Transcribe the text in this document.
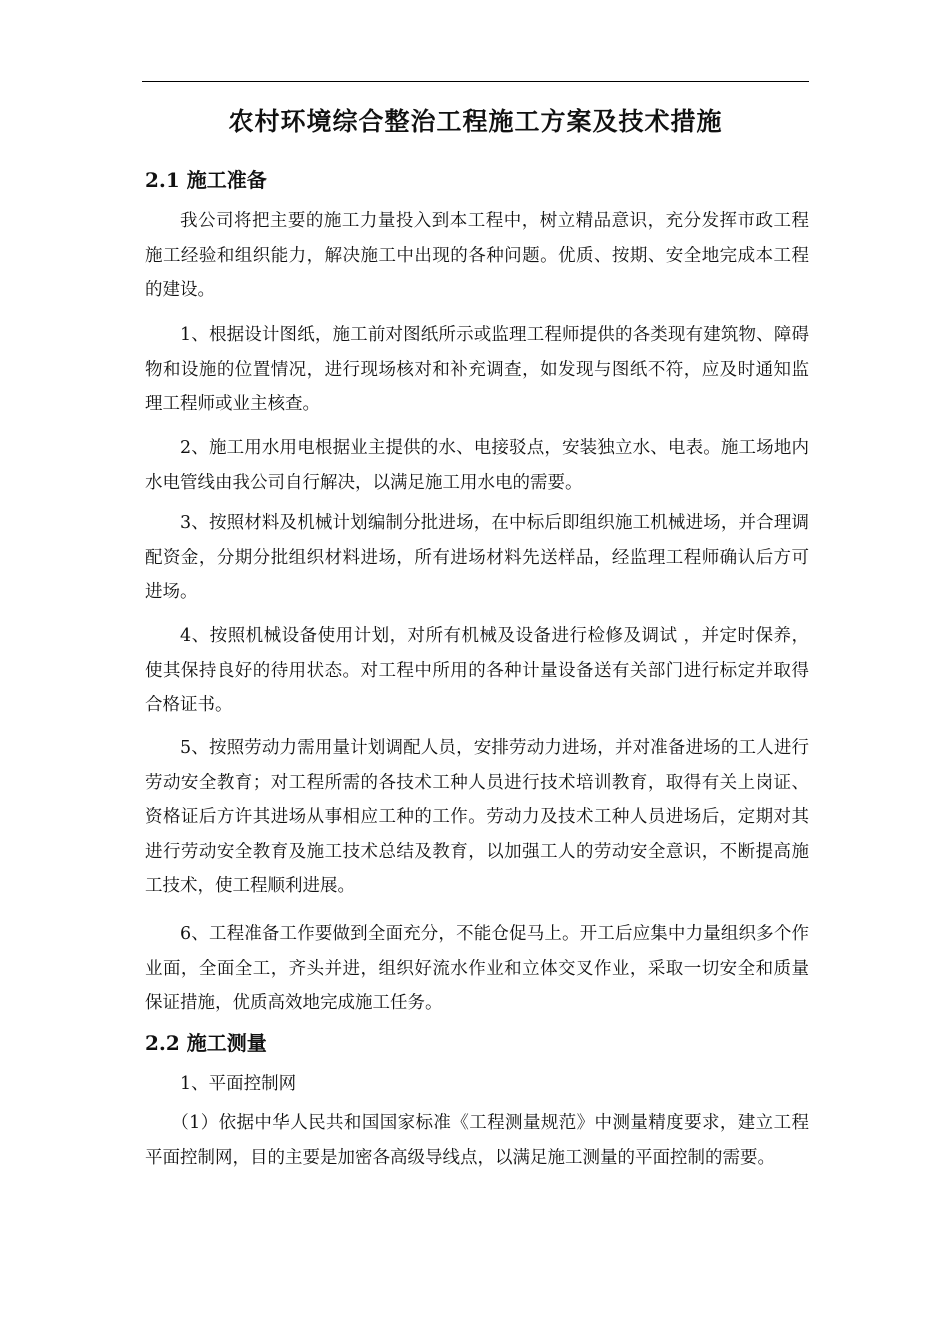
农村环境综合整治工程施工方案及技术措施
2.1 施工准备
我公司将把主要的施工力量投入到本工程中，树立精品意识，充分发挥市政工程施工经验和组织能力，解决施工中出现的各种问题。优质、按期、安全地完成本工程的建设。
1、根据设计图纸，施工前对图纸所示或监理工程师提供的各类现有建筑物、障碍物和设施的位置情况，进行现场核对和补充调查，如发现与图纸不符，应及时通知监理工程师或业主核查。
2、施工用水用电根据业主提供的水、电接驳点，安装独立水、电表。施工场地内水电管线由我公司自行解决，以满足施工用水电的需要。
3、按照材料及机械计划编制分批进场，在中标后即组织施工机械进场，并合理调配资金，分期分批组织材料进场，所有进场材料先送样品，经监理工程师确认后方可进场。
4、按照机械设备使用计划，对所有机械及设备进行检修及调试 ，并定时保养，使其保持良好的待用状态。对工程中所用的各种计量设备送有关部门进行标定并取得合格证书。
5、按照劳动力需用量计划调配人员，安排劳动力进场，并对准备进场的工人进行劳动安全教育；对工程所需的各技术工种人员进行技术培训教育，取得有关上岗证、资格证后方许其进场从事相应工种的工作。劳动力及技术工种人员进场后，定期对其进行劳动安全教育及施工技术总结及教育，以加强工人的劳动安全意识，不断提高施工技术，使工程顺利进展。
6、工程准备工作要做到全面充分，不能仓促马上。开工后应集中力量组织多个作业面，全面全工，齐头并进，组织好流水作业和立体交叉作业，采取一切安全和质量保证措施，优质高效地完成施工任务。
2.2 施工测量
1、平面控制网
（1）依据中华人民共和国国家标准《工程测量规范》中测量精度要求，建立工程平面控制网，目的主要是加密各高级导线点，以满足施工测量的平面控制的需要。
